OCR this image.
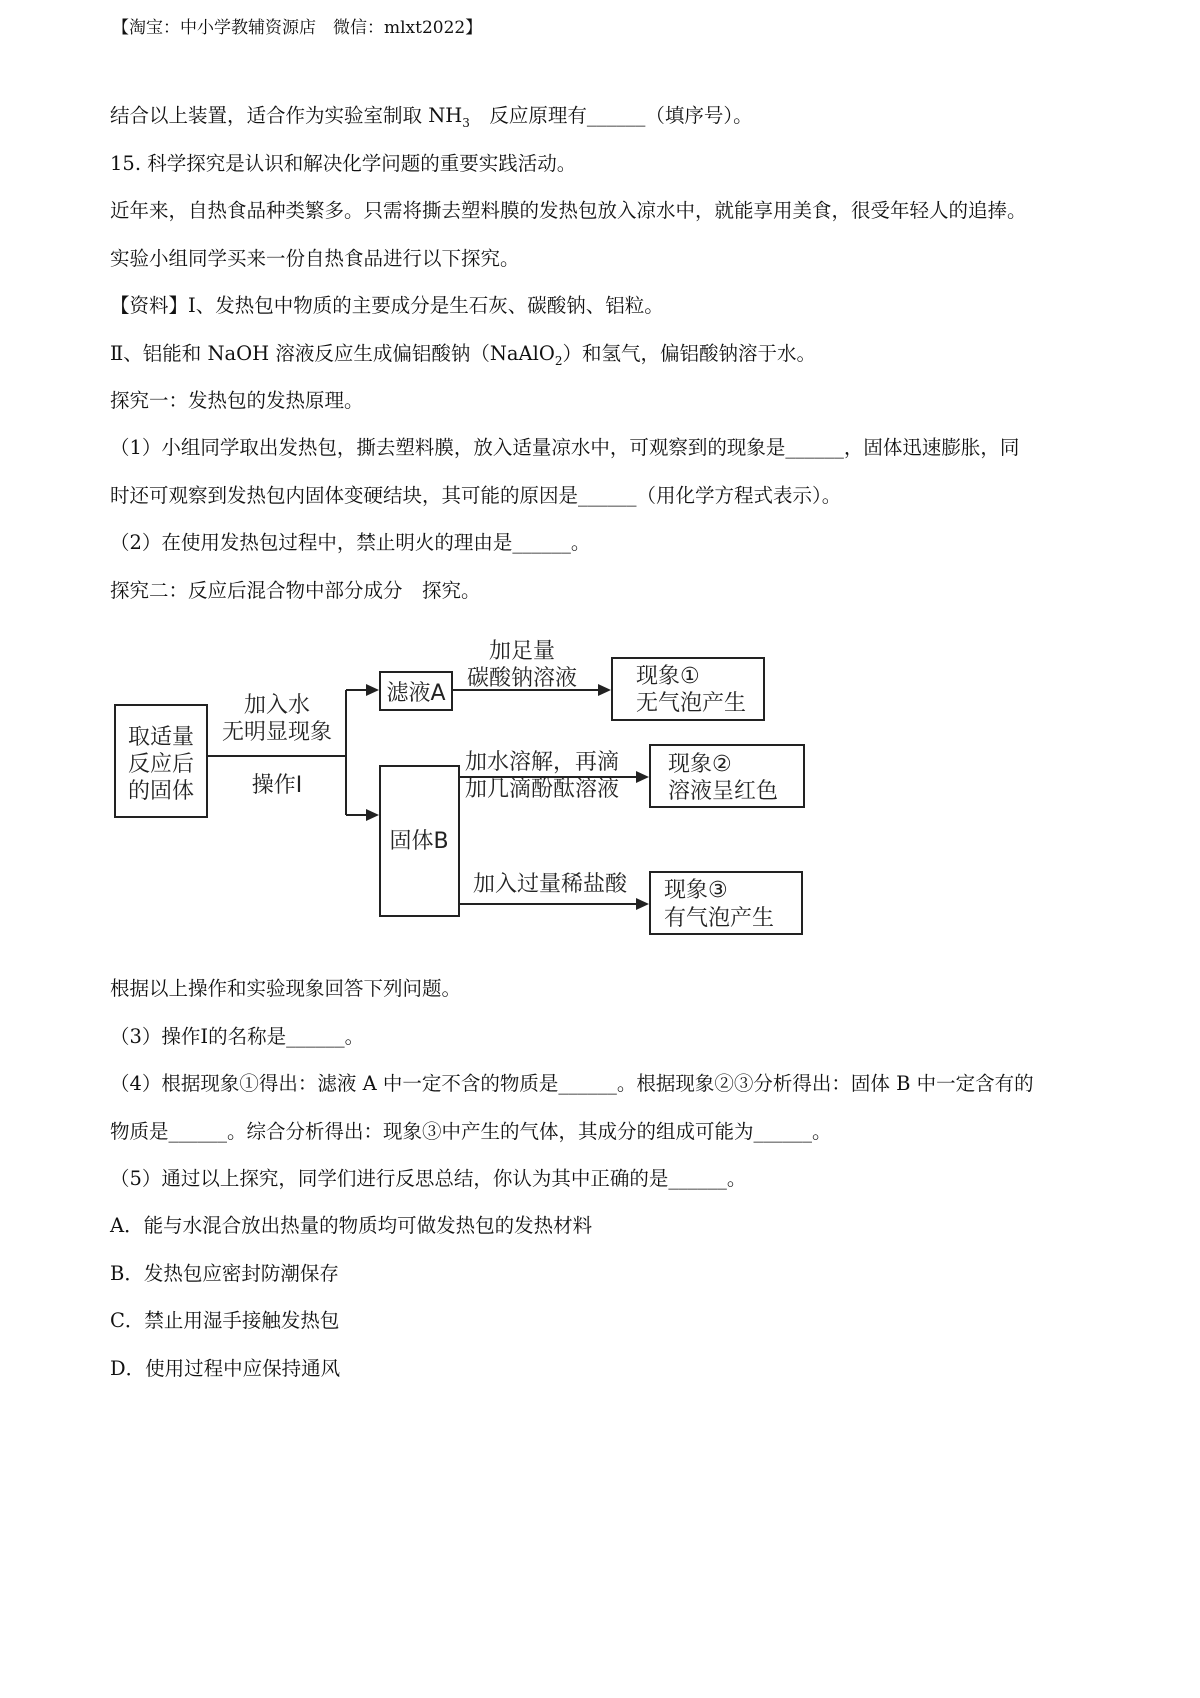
【淘宝：中小学教辅资源店　微信：mlxt2022】
结合以上装置，适合作为实验室制取 $NH_3$　反应原理有______（填序号）。
15. 科学探究是认识和解决化学问题的重要实践活动。
近年来，自热食品种类繁多。只需将撕去塑料膜的发热包放入凉水中，就能享用美食，很受年轻人的追捧。
实验小组同学买来一份自热食品进行以下探究。
【资料】Ⅰ、发热包中物质的主要成分是生石灰、碳酸钠、铝粒。
Ⅱ、铝能和 NaOH 溶液反应生成偏铝酸钠（NaAlO$_2$）和氢气，偏铝酸钠溶于水。
探究一：发热包的发热原理。
（1）小组同学取出发热包，撕去塑料膜，放入适量凉水中，可观察到的现象是______，固体迅速膨胀，同
时还可观察到发热包内固体变硬结块，其可能的原因是______（用化学方程式表示）。
（2）在使用发热包过程中，禁止明火的理由是______。
探究二：反应后混合物中部分成分　探究。
取适量
反应后
的固体
加入水
无明显现象
操作Ⅰ
滤液A
固体B
加足量
碳酸钠溶液	现象①
无气泡产生
加水溶解，再滴
加几滴酚酞溶液
现象②
溶液呈红色
加入过量稀盐酸 现象③
有气泡产生
根据以上操作和实验现象回答下列问题。
（3）操作Ⅰ的名称是______。
（4）根据现象①得出：滤液 A 中一定不含的物质是______。根据现象②③分析得出：固体 B 中一定含有的
物质是______。综合分析得出：现象③中产生的气体，其成分的组成可能为______。
（5）通过以上探究，同学们进行反思总结，你认为其中正确的是______。
A．能与水混合放出热量的物质均可做发热包的发热材料
B．发热包应密封防潮保存
C．禁止用湿手接触发热包
D．使用过程中应保持通风
